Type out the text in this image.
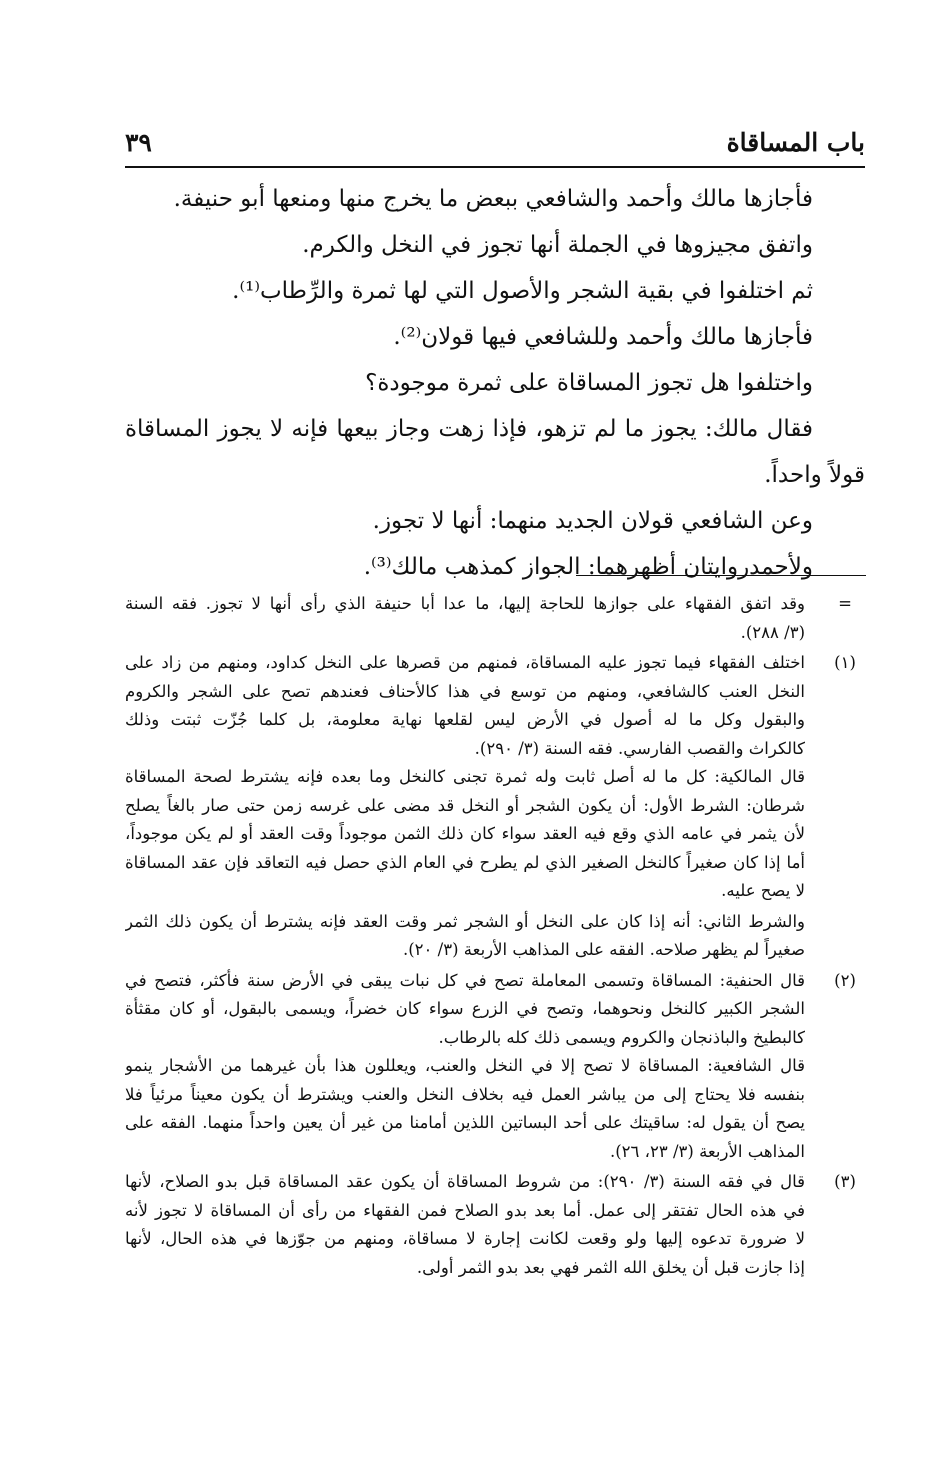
باب المساقاة
٣٩
فأجازها مالك وأحمد والشافعي ببعض ما يخرج منها ومنعها أبو حنيفة.
واتفق مجيزوها في الجملة أنها تجوز في النخل والكرم.
ثم اختلفوا في بقية الشجر والأصول التي لها ثمرة والرِّطاب⁽¹⁾.
فأجازها مالك وأحمد وللشافعي فيها قولان⁽²⁾.
واختلفوا هل تجوز المساقاة على ثمرة موجودة؟
فقال مالك: يجوز ما لم تزهو، فإذا زهت وجاز بيعها فإنه لا يجوز المساقاة
قولاً واحداً.
وعن الشافعي قولان الجديد منهما: أنها لا تجوز.
ولأحمدروايتان أظهرهما: الجواز كمذهب مالك⁽³⁾.
=
وقد اتفق الفقهاء على جوازها للحاجة إليها، ما عدا أبا حنيفة الذي رأى أنها لا تجوز. فقه السنة
(٣/ ٢٨٨).
(١)
اختلف الفقهاء فيما تجوز عليه المساقاة، فمنهم من قصرها على النخل كداود، ومنهم من زاد على
النخل العنب كالشافعي، ومنهم من توسع في هذا كالأحناف فعندهم تصح على الشجر والكروم
والبقول وكل ما له أصول في الأرض ليس لقلعها نهاية معلومة، بل كلما جُزّت ثبتت وذلك
كالكراث والقصب الفارسي. فقه السنة (٣/ ٢٩٠).
قال المالكية: كل ما له أصل ثابت وله ثمرة تجنى كالنخل وما بعده فإنه يشترط لصحة المساقاة
شرطان: الشرط الأول: أن يكون الشجر أو النخل قد مضى على غرسه زمن حتى صار بالغاً يصلح
لأن يثمر في عامه الذي وقع فيه العقد سواء كان ذلك الثمن موجوداً وقت العقد أو لم يكن موجوداً،
أما إذا كان صغيراً كالنخل الصغير الذي لم يطرح في العام الذي حصل فيه التعاقد فإن عقد المساقاة
لا يصح عليه.
والشرط الثاني: أنه إذا كان على النخل أو الشجر ثمر وقت العقد فإنه يشترط أن يكون ذلك الثمر
صغيراً لم يظهر صلاحه. الفقه على المذاهب الأربعة (٣/ ٢٠).
(٢)
قال الحنفية: المساقاة وتسمى المعاملة تصح في كل نبات يبقى في الأرض سنة فأكثر، فتصح في
الشجر الكبير كالنخل ونحوهما، وتصح في الزرع سواء كان خضراً، ويسمى بالبقول، أو كان مقثأة
كالبطيخ والباذنجان والكروم ويسمى ذلك كله بالرطاب.
قال الشافعية: المساقاة لا تصح إلا في النخل والعنب، ويعللون هذا بأن غيرهما من الأشجار ينمو
بنفسه فلا يحتاج إلى من يباشر العمل فيه بخلاف النخل والعنب ويشترط أن يكون معيناً مرئياً فلا
يصح أن يقول له: ساقيتك على أحد البساتين اللذين أمامنا من غير أن يعين واحداً منهما. الفقه على
المذاهب الأربعة (٣/ ٢٣، ٢٦).
(٣)
قال في فقه السنة (٣/ ٢٩٠): من شروط المساقاة أن يكون عقد المساقاة قبل بدو الصلاح، لأنها
في هذه الحال تفتقر إلى عمل. أما بعد بدو الصلاح فمن الفقهاء من رأى أن المساقاة لا تجوز لأنه
لا ضرورة تدعوه إليها ولو وقعت لكانت إجارة لا مساقاة، ومنهم من جوّزها في هذه الحال، لأنها
إذا جازت قبل أن يخلق الله الثمر فهي بعد بدو الثمر أولى.
